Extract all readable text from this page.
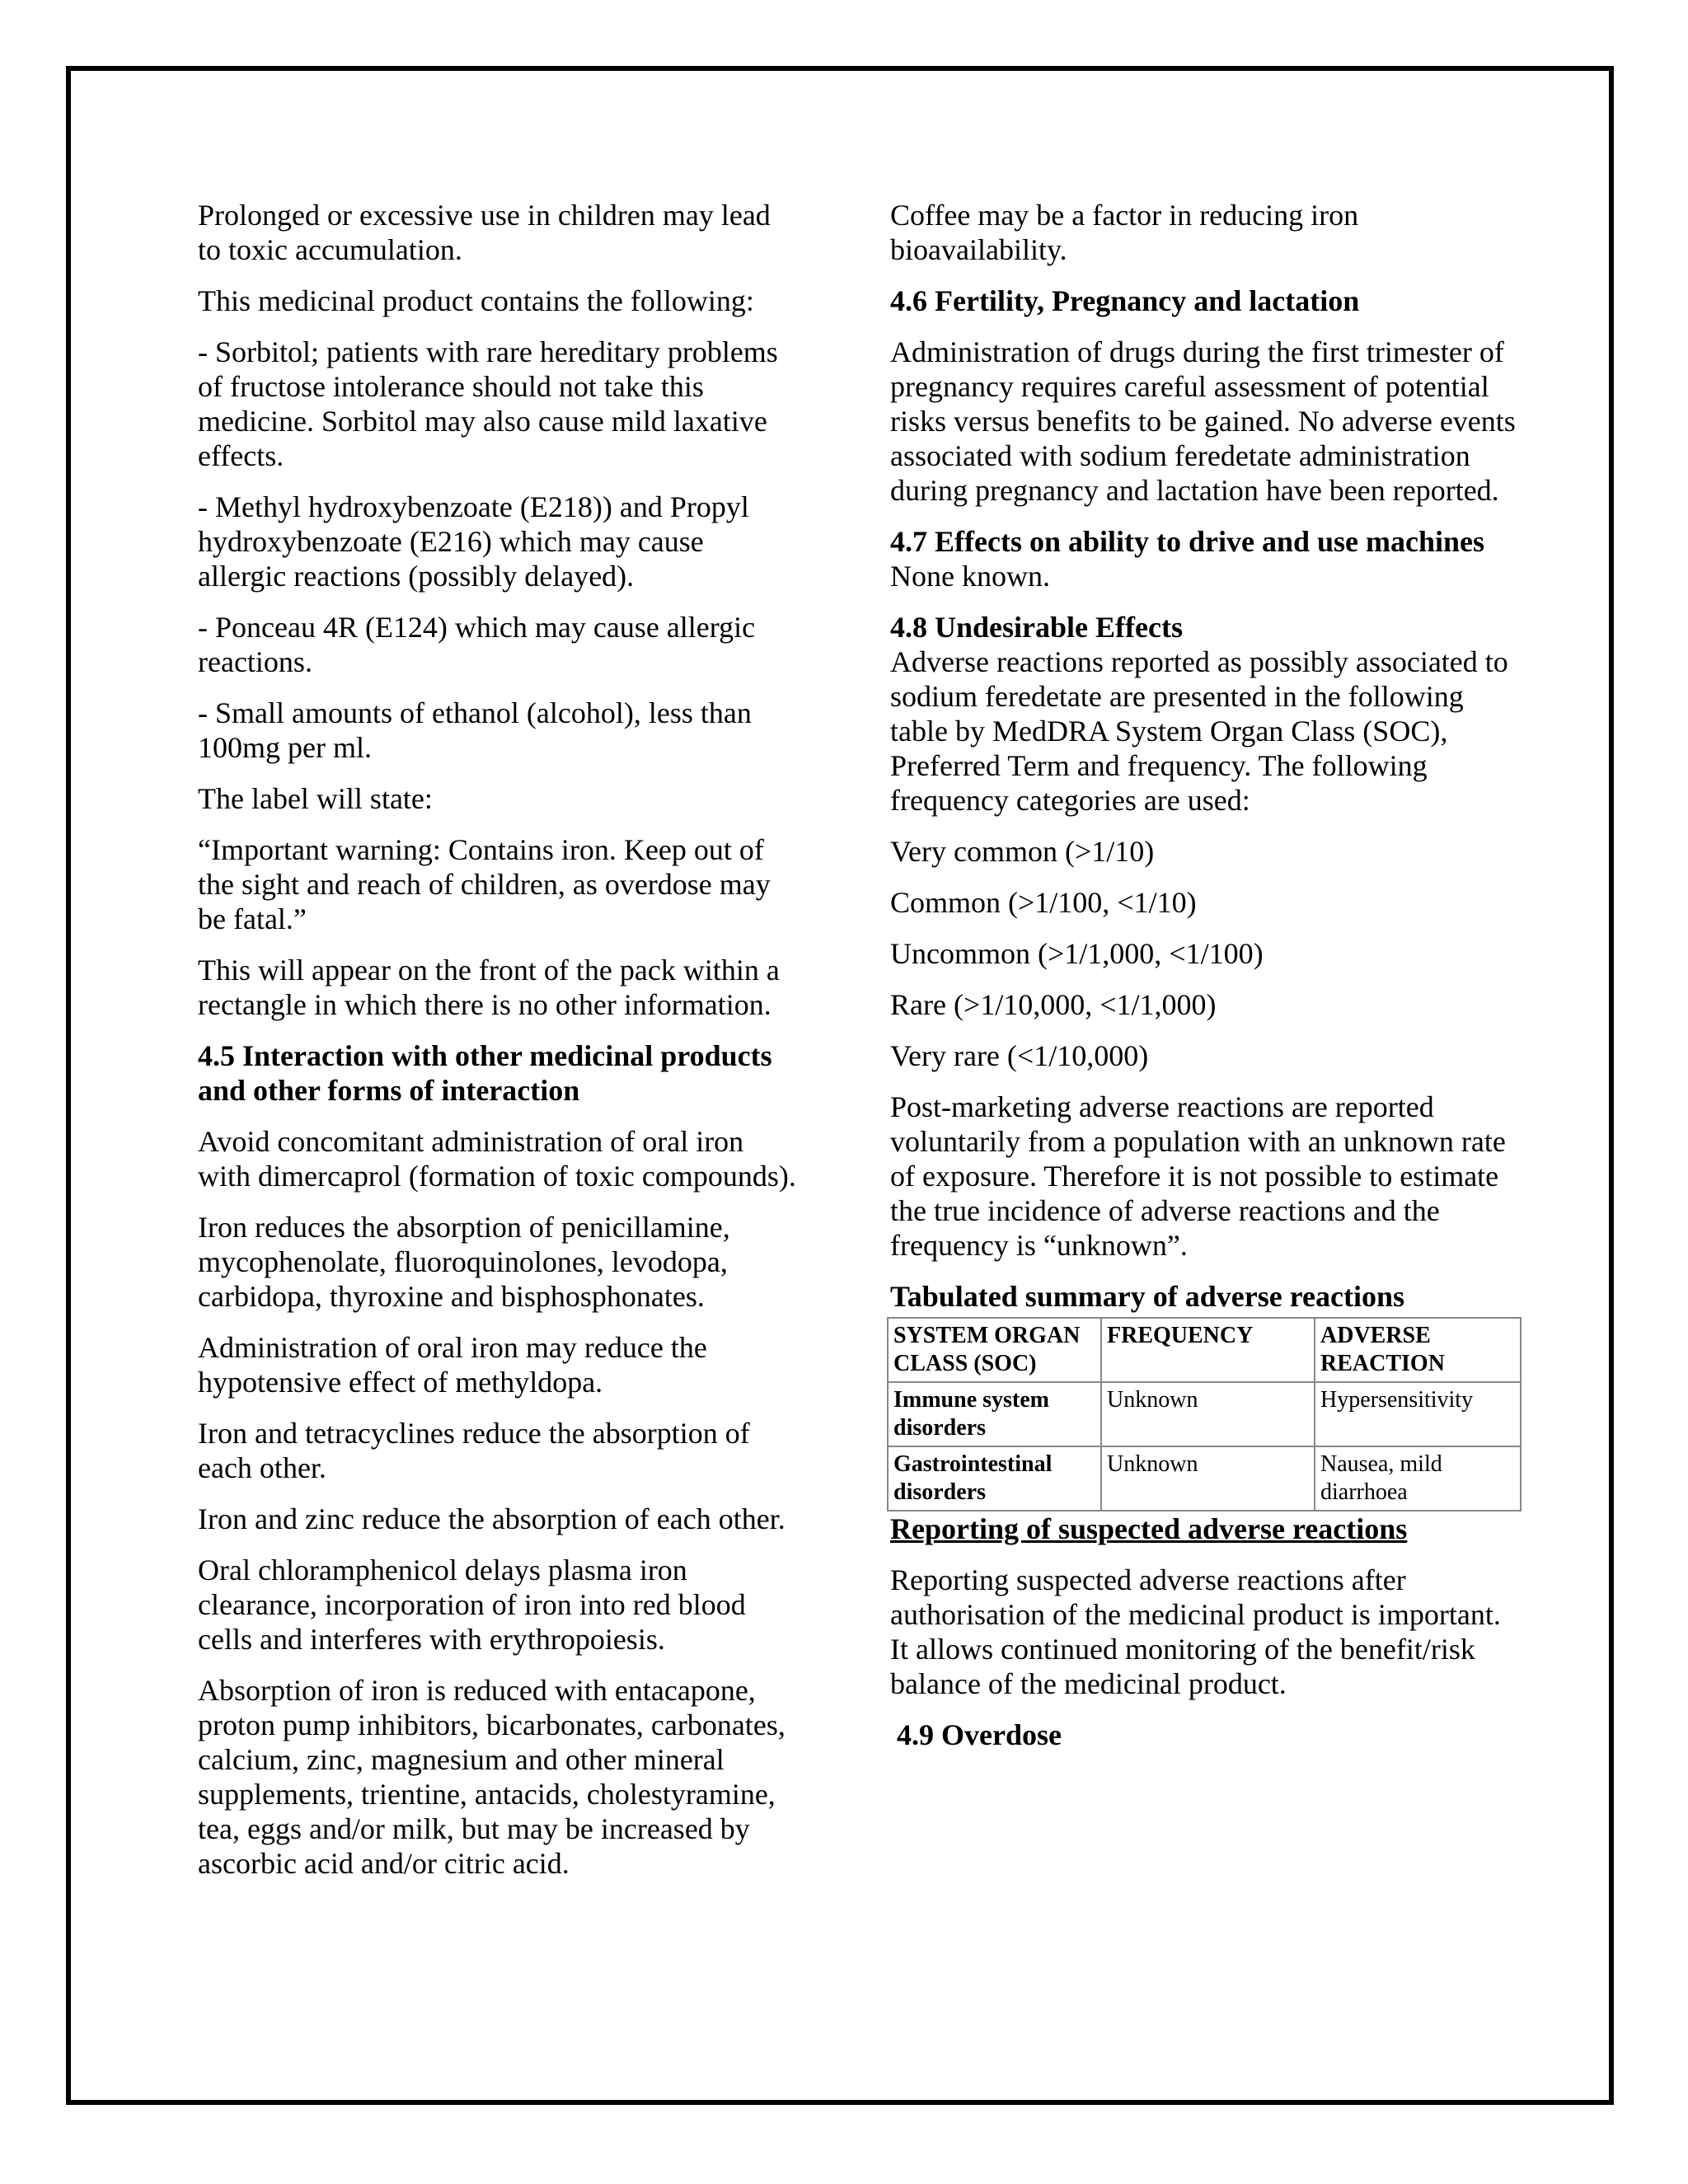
Prolonged or excessive use in children may lead to toxic accumulation.

This medicinal product contains the following:

- Sorbitol; patients with rare hereditary problems of fructose intolerance should not take this medicine. Sorbitol may also cause mild laxative effects.

- Methyl hydroxybenzoate (E218)) and Propyl hydroxybenzoate (E216) which may cause allergic reactions (possibly delayed).

- Ponceau 4R (E124) which may cause allergic reactions.

- Small amounts of ethanol (alcohol), less than 100mg per ml.

The label will state:

“Important warning: Contains iron. Keep out of the sight and reach of children, as overdose may be fatal.”

This will appear on the front of the pack within a rectangle in which there is no other information.

4.5 Interaction with other medicinal products and other forms of interaction

Avoid concomitant administration of oral iron with dimercaprol (formation of toxic compounds).

Iron reduces the absorption of penicillamine, mycophenolate, fluoroquinolones, levodopa, carbidopa, thyroxine and bisphosphonates.

Administration of oral iron may reduce the hypotensive effect of methyldopa.

Iron and tetracyclines reduce the absorption of each other.

Iron and zinc reduce the absorption of each other.

Oral chloramphenicol delays plasma iron clearance, incorporation of iron into red blood cells and interferes with erythropoiesis.

Absorption of iron is reduced with entacapone, proton pump inhibitors, bicarbonates, carbonates, calcium, zinc, magnesium and other mineral supplements, trientine, antacids, cholestyramine, tea, eggs and/or milk, but may be increased by ascorbic acid and/or citric acid.

Coffee may be a factor in reducing iron bioavailability.

4.6 Fertility, Pregnancy and lactation

Administration of drugs during the first trimester of pregnancy requires careful assessment of potential risks versus benefits to be gained. No adverse events associated with sodium feredetate administration during pregnancy and lactation have been reported.

4.7 Effects on ability to drive and use machines

None known.

4.8 Undesirable Effects

Adverse reactions reported as possibly associated to sodium feredetate are presented in the following table by MedDRA System Organ Class (SOC), Preferred Term and frequency. The following frequency categories are used:

Very common (>1/10)

Common (>1/100, <1/10)

Uncommon (>1/1,000, <1/100)

Rare (>1/10,000, <1/1,000)

Very rare (<1/10,000)

Post-marketing adverse reactions are reported voluntarily from a population with an unknown rate of exposure. Therefore it is not possible to estimate the true incidence of adverse reactions and the frequency is “unknown”.

Tabulated summary of adverse reactions
SYSTEM ORGAN CLASS (SOC)	FREQUENCY	ADVERSE REACTION
Immune system disorders	Unknown	Hypersensitivity
Gastrointestinal disorders	Unknown	Nausea, mild diarrhoea
Reporting of suspected adverse reactions

Reporting suspected adverse reactions after authorisation of the medicinal product is important. It allows continued monitoring of the benefit/risk balance of the medicinal product.

4.9 Overdose
